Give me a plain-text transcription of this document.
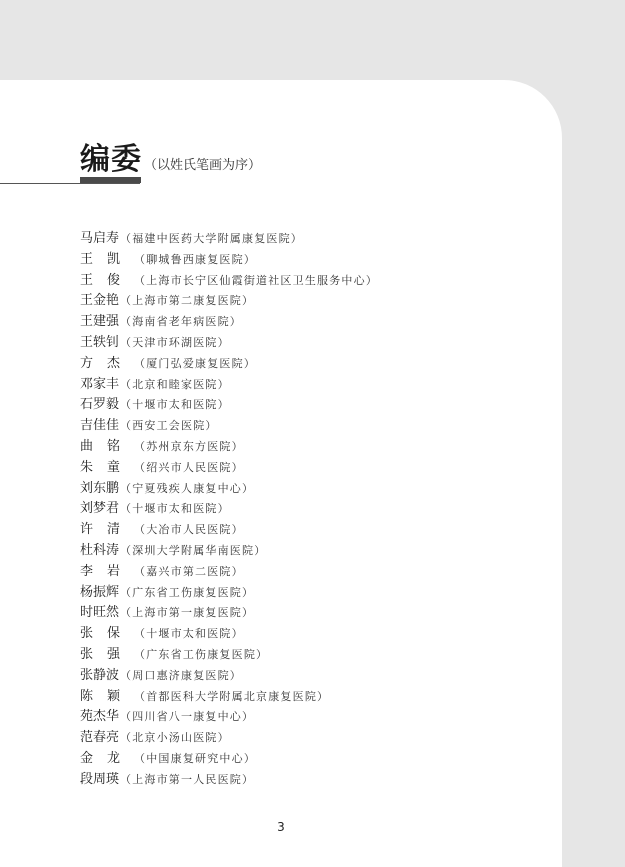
编委 （以姓氏笔画为序）
马启寿（福建中医药大学附属康复医院）
王凯（聊城鲁西康复医院）
王俊（上海市长宁区仙霞街道社区卫生服务中心）
王金艳（上海市第二康复医院）
王建强（海南省老年病医院）
王轶钊（天津市环湖医院）
方杰（厦门弘爱康复医院）
邓家丰（北京和睦家医院）
石罗毅（十堰市太和医院）
吉佳佳（西安工会医院）
曲铭（苏州京东方医院）
朱童（绍兴市人民医院）
刘东鹏（宁夏残疾人康复中心）
刘梦君（十堰市太和医院）
许清（大冶市人民医院）
杜科涛（深圳大学附属华南医院）
李岩（嘉兴市第二医院）
杨振辉（广东省工伤康复医院）
时旺然（上海市第一康复医院）
张保（十堰市太和医院）
张强（广东省工伤康复医院）
张静波（周口惠济康复医院）
陈颖（首都医科大学附属北京康复医院）
苑杰华（四川省八一康复中心）
范春亮（北京小汤山医院）
金龙（中国康复研究中心）
段周瑛（上海市第一人民医院）
3
